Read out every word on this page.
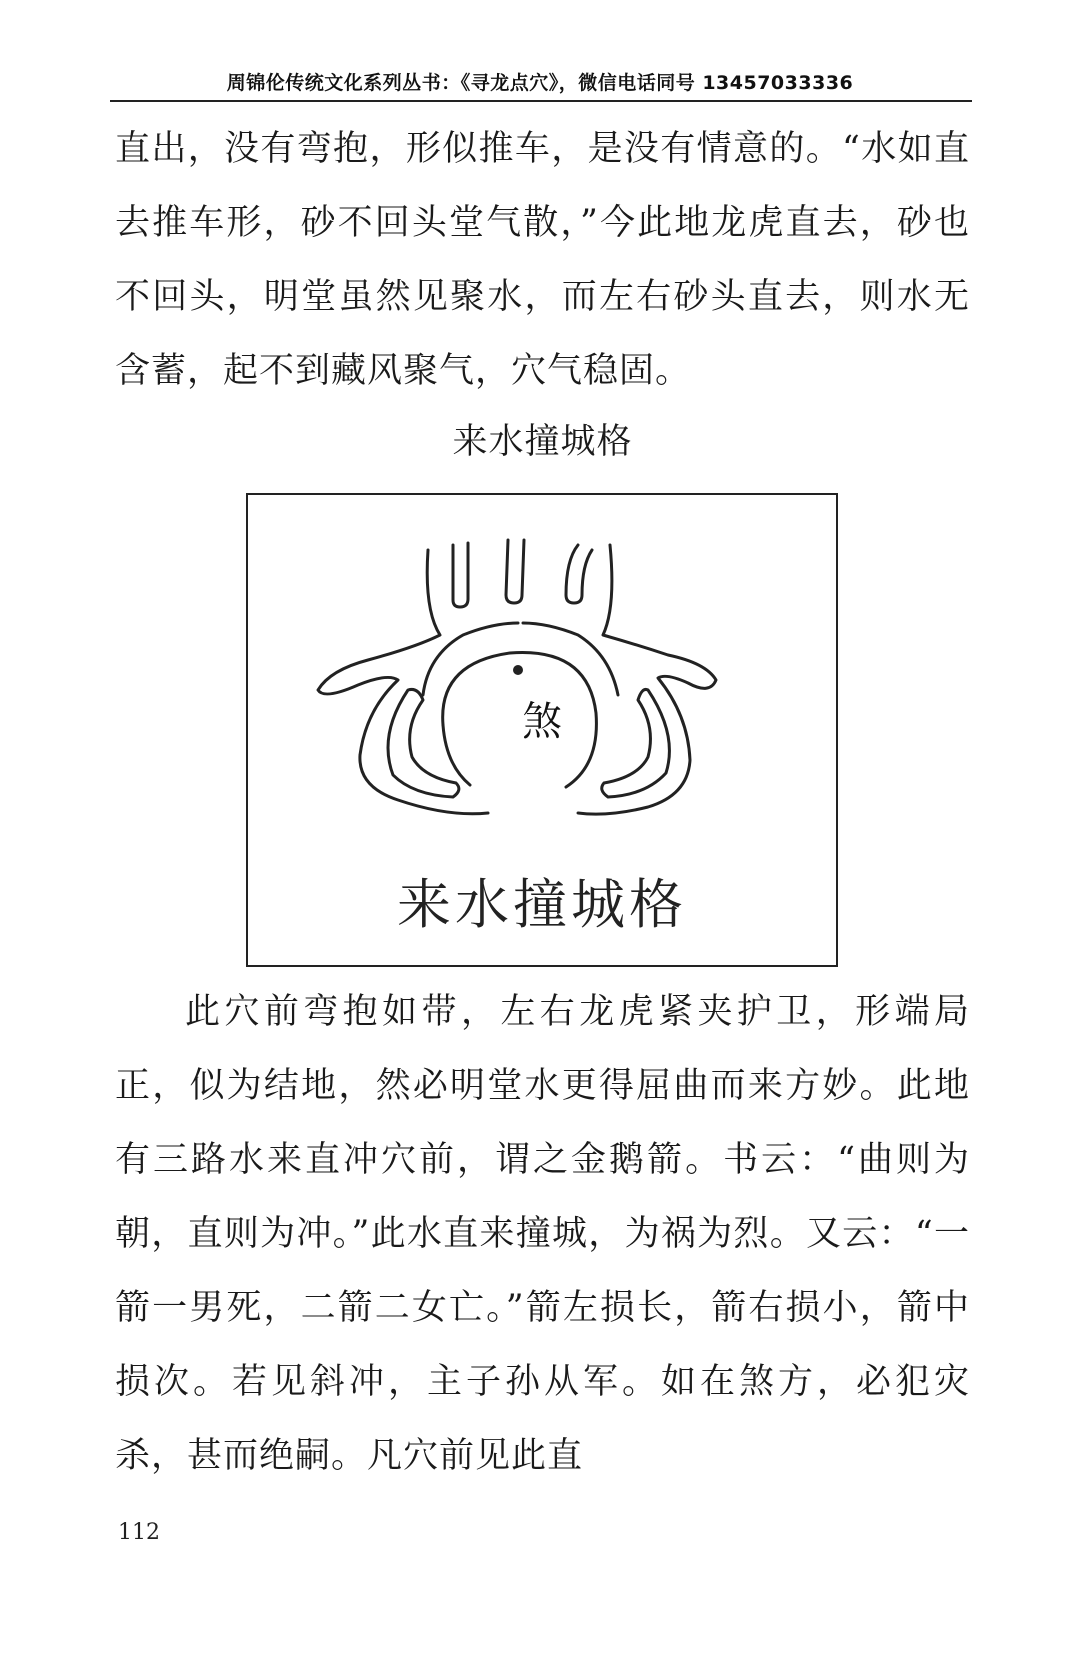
周锦伦传统文化系列丛书：《寻龙点穴》，微信电话同号 13457033336
直出，没有弯抱，形似推车，是没有情意的。“水如直去推车形，砂不回头堂气散，”今此地龙虎直去，砂也不回头，明堂虽然见聚水，而左右砂头直去，则水无含蓄，起不到藏风聚气，穴气稳固。
来水撞城格
煞
来水撞城格
此穴前弯抱如带，左右龙虎紧夹护卫，形端局正，似为结地，然必明堂水更得屈曲而来方妙。此地有三路水来直冲穴前，谓之金鹅箭。书云：“曲则为朝，直则为冲。”此水直来撞城，为祸为烈。又云：“一箭一男死，二箭二女亡。”箭左损长，箭右损小，箭中损次。若见斜冲，主子孙从军。如在煞方，必犯灾杀，甚而绝嗣。凡穴前见此直
112
